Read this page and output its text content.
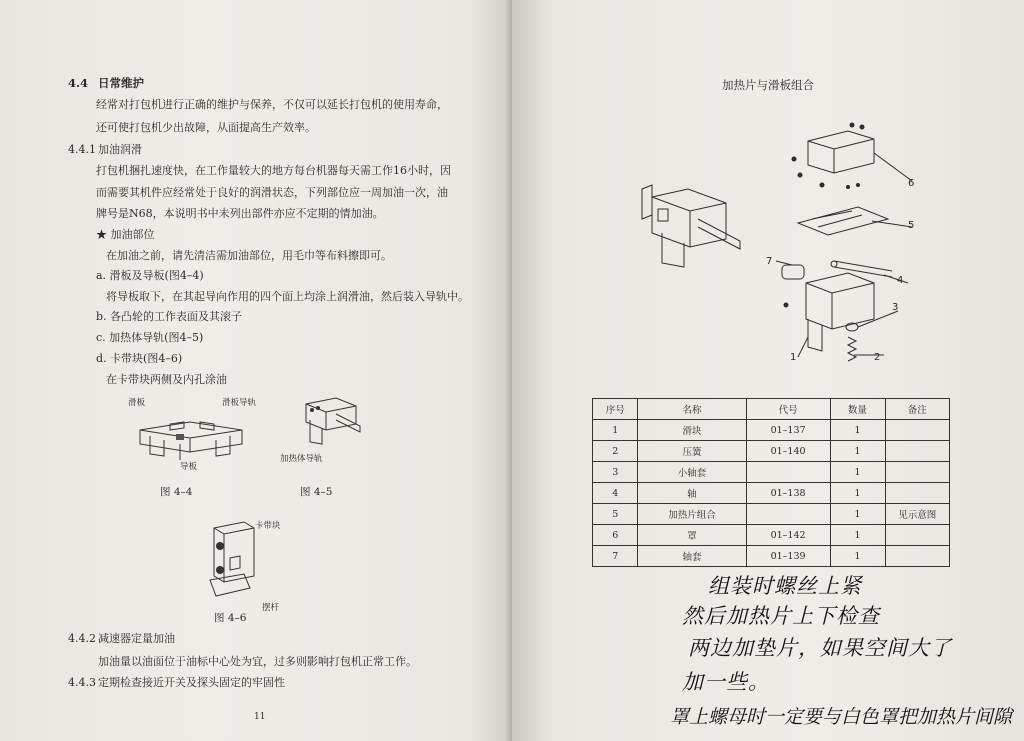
4.4 日常维护
经常对打包机进行正确的维护与保养，不仅可以延长打包机的使用寿命，
还可使打包机少出故障，从面提高生产效率。
4.4.1 加油润滑
打包机捆扎速度快，在工作量较大的地方每台机器每天需工作16小时，因
而需要其机件应经常处于良好的润滑状态，下列部位应一周加油一次，油
牌号是N68，本说明书中未列出部件亦应不定期的情加油。
★ 加油部位
在加油之前，请先清洁需加油部位，用毛巾等布料擦即可。
a. 滑板及导板(图4–4)
将导板取下，在其起导向作用的四个面上均涂上润滑油，然后装入导轨中。
b. 各凸轮的工作表面及其滚子
c. 加热体导轨(图4–5)
d. 卡带块(图4–6)
在卡带块两侧及内孔涂油
滑板	滑板导轨
导板
图 4–4
加热体导轨
图 4–5
卡带块
摆杆
图 4–6
4.4.2 减速器定量加油
加油量以油面位于油标中心处为宜，过多则影响打包机正常工作。
4.4.3 定期检查接近开关及探头固定的牢固性
11
加热片与滑板组合
6
5
4
3
2
1
7
序号	名称	代号	数量	备注
1	滑块	01–137	1	
2	压簧	01–140	1	
3	小轴套		1	
4	轴	01–138	1	
5	加热片组合		1	见示意图
6	罩	01–142	1	
7	轴套	01–139	1	
组装时螺丝上紧
然后加热片上下检查
两边加垫片，如果空间大了
加一些。
罩上螺母时一定要与白色罩把加热片间隙
